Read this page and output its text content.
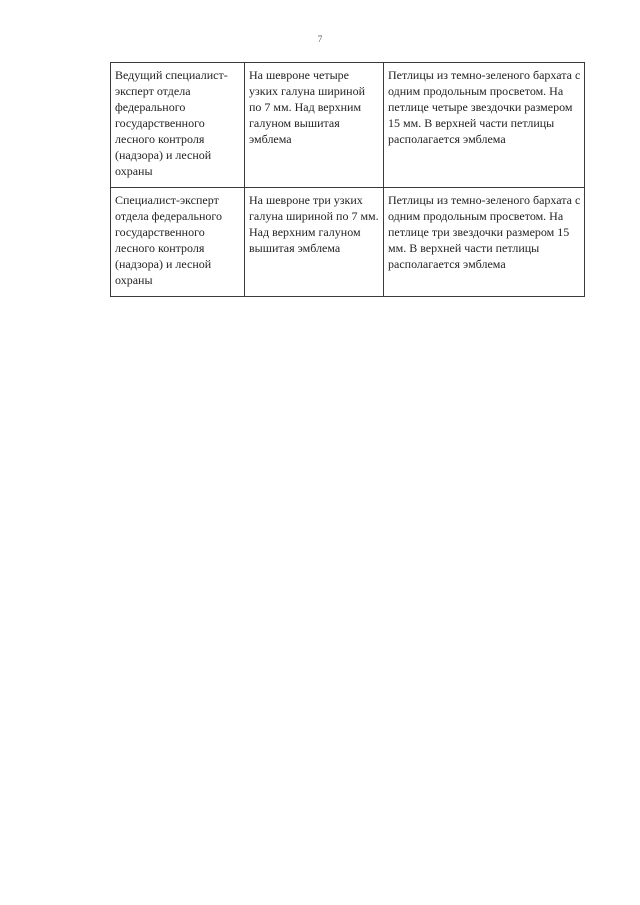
7
Ведущий специалист-эксперт отдела федерального государственного лесного контроля (надзора) и лесной охраны	На шевроне четыре узких галуна шириной по 7 мм. Над верхним галуном вышитая эмблема	Петлицы из темно-зеленого бархата с одним продольным просветом. На петлице четыре звездочки размером 15 мм. В верхней части петлицы располагается эмблема
Специалист-эксперт отдела федерального государственного лесного контроля (надзора) и лесной охраны	На шевроне три узких галуна шириной по 7 мм. Над верхним галуном вышитая эмблема	Петлицы из темно-зеленого бархата с одним продольным просветом. На петлице три звездочки размером 15 мм. В верхней части петлицы располагается эмблема
